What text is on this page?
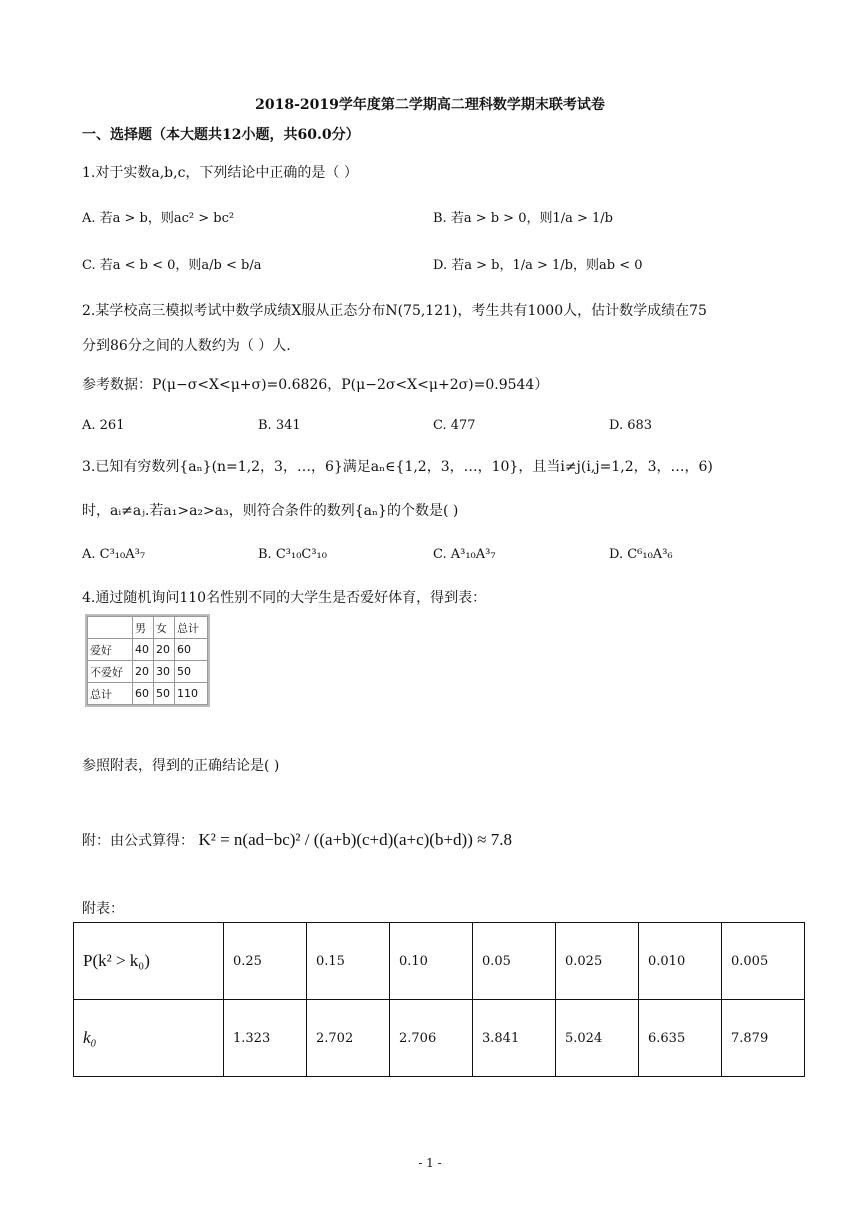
2018-2019学年度第二学期高二理科数学期末联考试卷
一、选择题（本大题共12小题，共60.0分）
1.对于实数a,b,c，下列结论中正确的是（ ）
A. 若a > b，则ac² > bc²	B. 若a > b > 0，则1/a > 1/b
C. 若a < b < 0，则a/b < b/a	D. 若a > b，1/a > 1/b，则ab < 0
2.某学校高三模拟考试中数学成绩X服从正态分布N(75,121)，考生共有1000人，估计数学成绩在75
分到86分之间的人数约为（ ）人.
参考数据：P(μ−σ<X<μ+σ)=0.6826，P(μ−2σ<X<μ+2σ)=0.9544）
A. 261	B. 341	C. 477	D. 683
3.已知有穷数列{aₙ}(n=1,2，3，…，6}满足aₙ∈{1,2，3，…，10}，且当i≠j(i,j=1,2，3，…，6)
时，aᵢ≠aⱼ.若a₁>a₂>a₃，则符合条件的数列{aₙ}的个数是( )
A. C³₁₀A³₇	B. C³₁₀C³₁₀	C. A³₁₀A³₇	D. C⁶₁₀A³₆
4.通过随机询问110名性别不同的大学生是否爱好体育，得到表：
	男	女	总计
爱好	40	20	60
不爱好	20	30	50
总计	60	50	110
参照附表，得到的正确结论是( )
附：由公式算得： K² = n(ad−bc)² / ((a+b)(c+d)(a+c)(b+d)) ≈ 7.8
附表：
P(k² > k₀)	0.25	0.15	0.10	0.05	0.025	0.010	0.005
k₀	1.323	2.702	2.706	3.841	5.024	6.635	7.879
- 1 -
